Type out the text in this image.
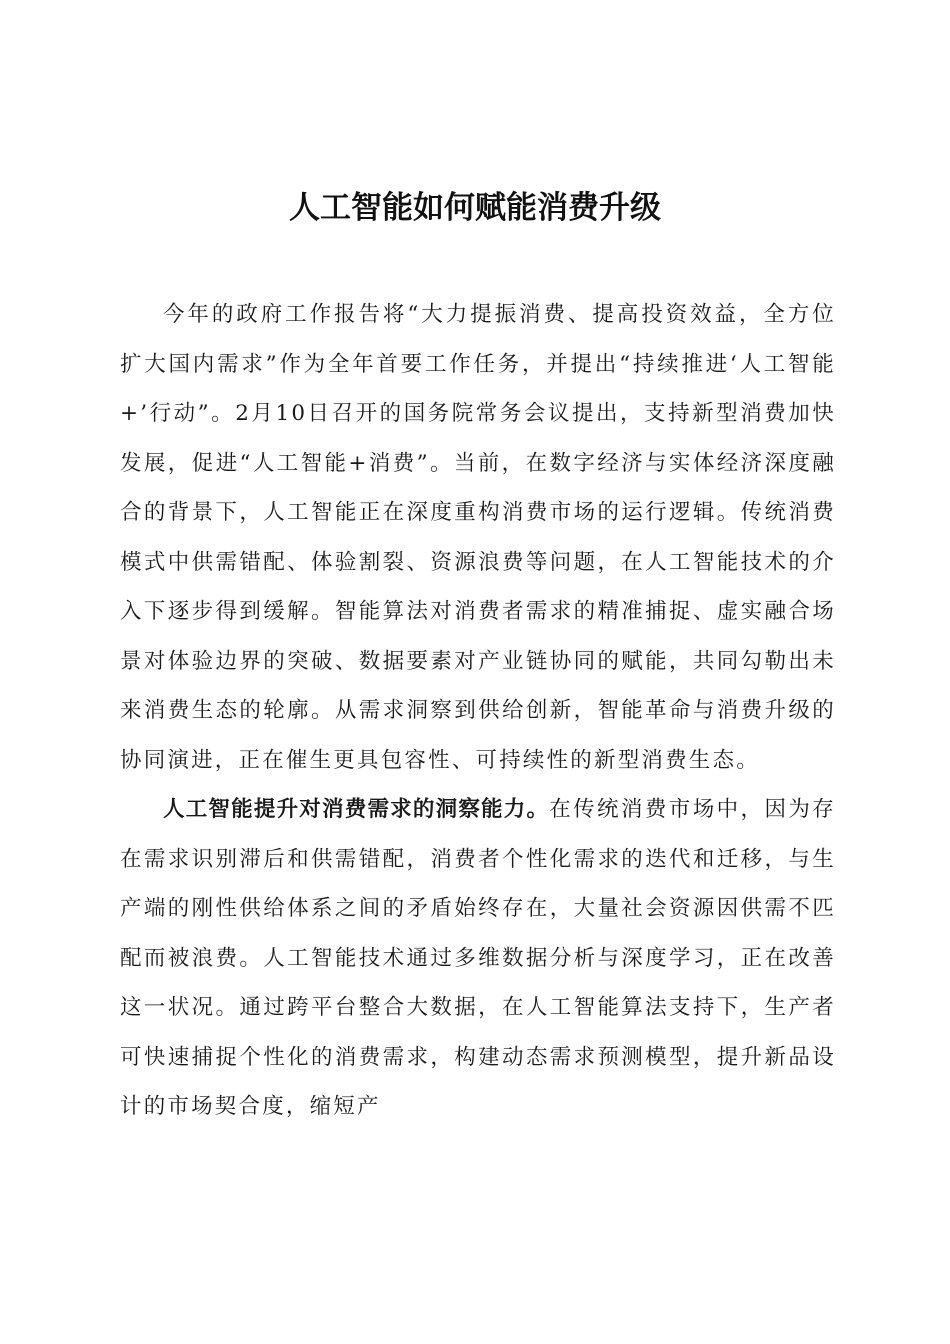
人工智能如何赋能消费升级

今年的政府工作报告将“大力提振消费、提高投资效益，全方位扩大国内需求”作为全年首要工作任务，并提出“持续推进‘人工智能+’行动”。2月10日召开的国务院常务会议提出，支持新型消费加快发展，促进“人工智能+消费”。当前，在数字经济与实体经济深度融合的背景下，人工智能正在深度重构消费市场的运行逻辑。传统消费模式中供需错配、体验割裂、资源浪费等问题，在人工智能技术的介入下逐步得到缓解。智能算法对消费者需求的精准捕捉、虚实融合场景对体验边界的突破、数据要素对产业链协同的赋能，共同勾勒出未来消费生态的轮廓。从需求洞察到供给创新，智能革命与消费升级的协同演进，正在催生更具包容性、可持续性的新型消费生态。

人工智能提升对消费需求的洞察能力。在传统消费市场中，因为存在需求识别滞后和供需错配，消费者个性化需求的迭代和迁移，与生产端的刚性供给体系之间的矛盾始终存在，大量社会资源因供需不匹配而被浪费。人工智能技术通过多维数据分析与深度学习，正在改善这一状况。通过跨平台整合大数据，在人工智能算法支持下，生产者可快速捕捉个性化的消费需求，构建动态需求预测模型，提升新品设计的市场契合度，缩短产
